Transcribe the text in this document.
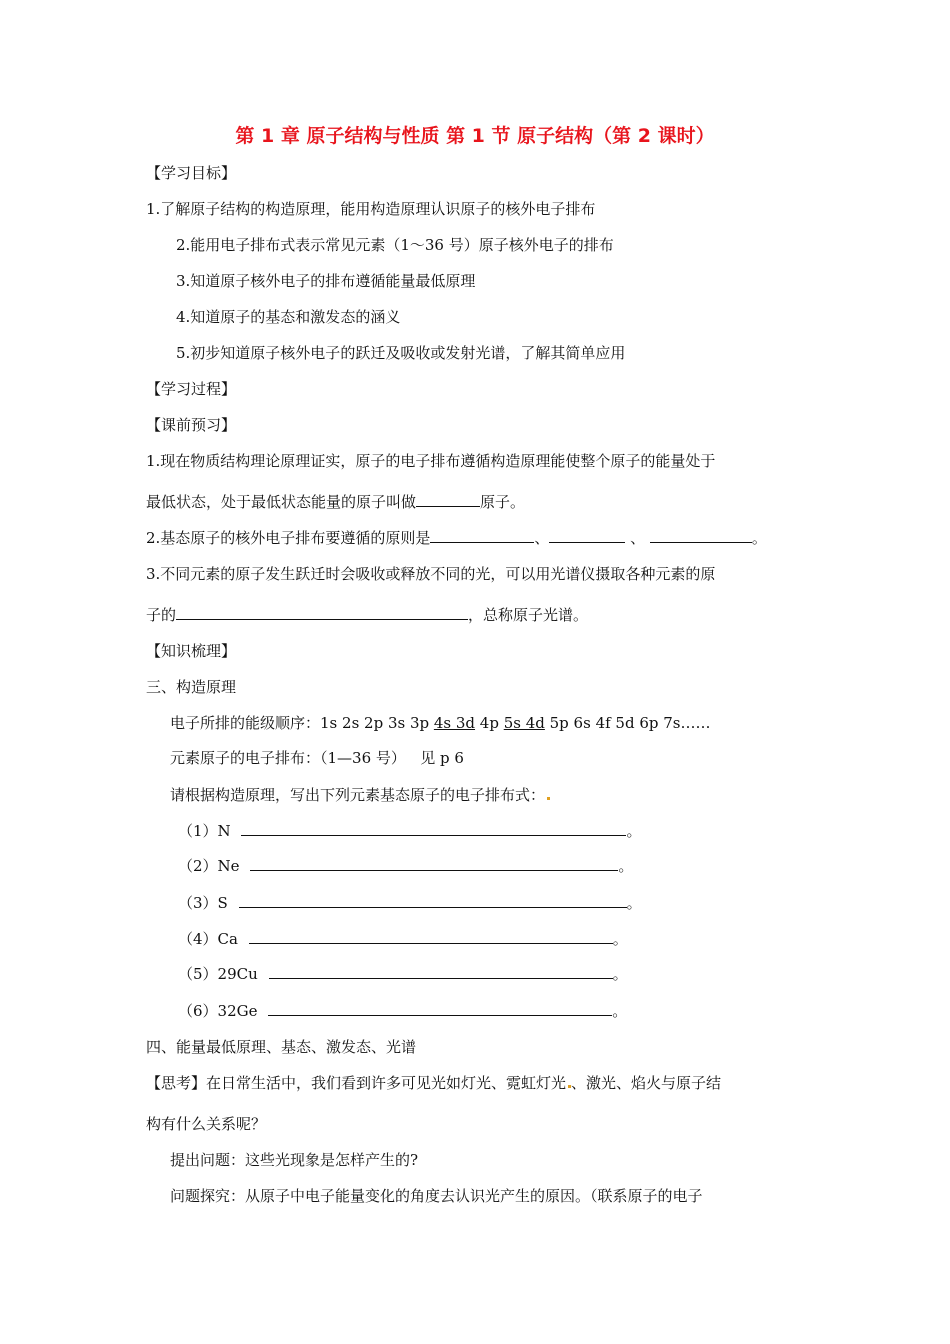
第 1 章 原子结构与性质 第 1 节 原子结构（第 2 课时）
【学习目标】
1.了解原子结构的构造原理，能用构造原理认识原子的核外电子排布
2.能用电子排布式表示常见元素（1～36 号）原子核外电子的排布
3.知道原子核外电子的排布遵循能量最低原理
4.知道原子的基态和激发态的涵义
5.初步知道原子核外电子的跃迁及吸收或发射光谱，了解其简单应用
【学习过程】
【课前预习】
1.现在物质结构理论原理证实，原子的电子排布遵循构造原理能使整个原子的能量处于
最低状态，处于最低状态能量的原子叫做	原子。
2.基态原子的核外电子排布要遵循的原则是	、	、	。
3.不同元素的原子发生跃迁时会吸收或释放不同的光，可以用光谱仪摄取各种元素的原
子的	，总称原子光谱。
【知识梳理】
三、构造原理
电子所排的能级顺序：1s 2s 2p 3s 3p 4s 3d 4p 5s 4d 5p 6s 4f 5d 6p 7s……
元素原子的电子排布：（1—36 号）   见 p 6
请根据构造原理，写出下列元素基态原子的电子排布式：
（1）N	。
（2）Ne	。
（3）S	。
（4）Ca	。
（5）29Cu	。
（6）32Ge	。
四、能量最低原理、基态、激发态、光谱
【思考】在日常生活中，我们看到许多可见光如灯光、霓虹灯光 、激光、焰火与原子结
构有什么关系呢？
提出问题：这些光现象是怎样产生的?
问题探究：从原子中电子能量变化的角度去认识光产生的原因。（联系原子的电子
